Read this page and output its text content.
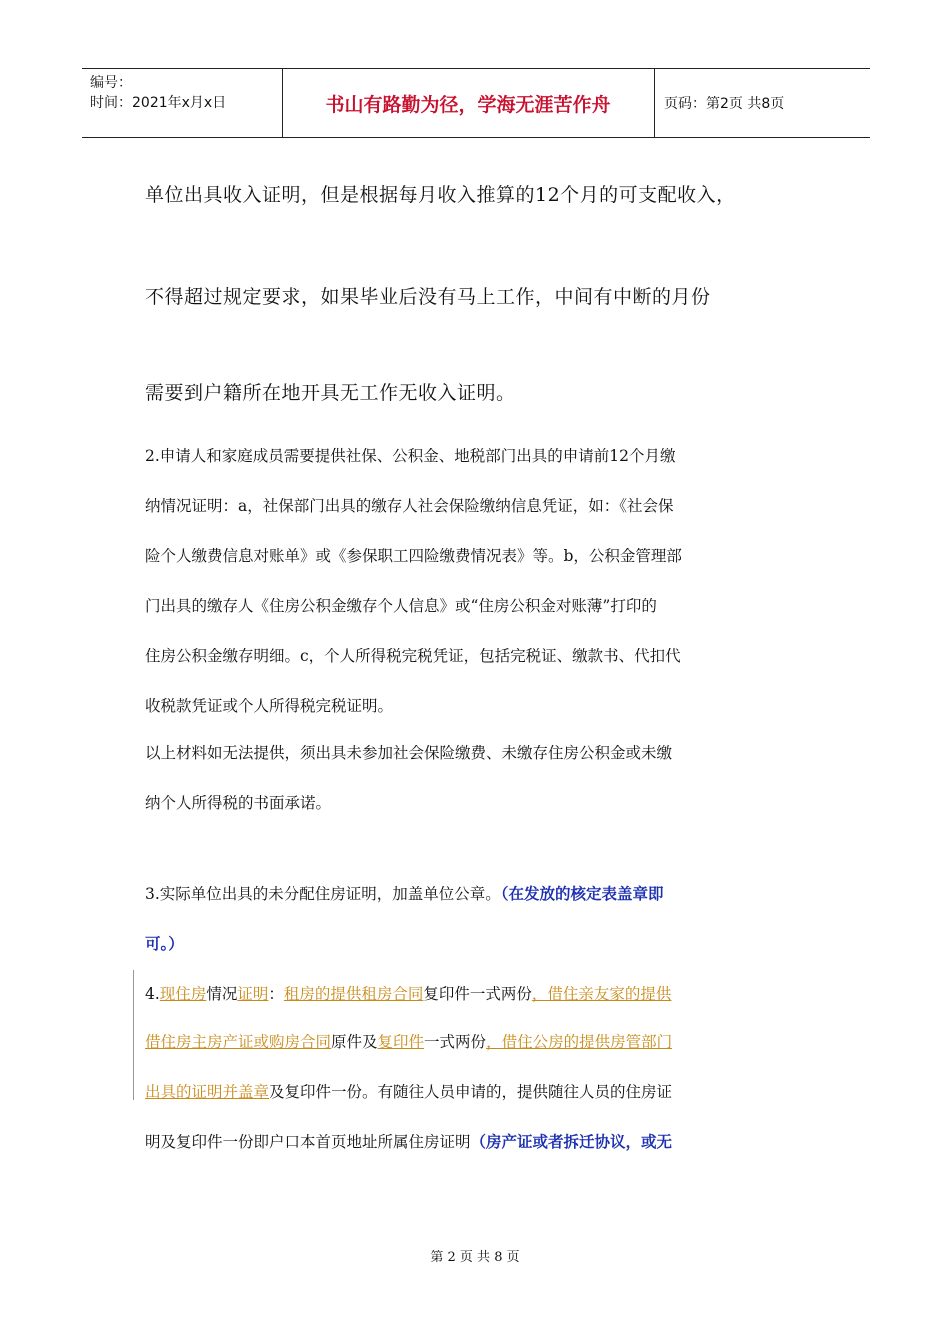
编号：
时间：2021年x月x日	书山有路勤为径，学海无涯苦作舟	页码：第2页 共8页
单位出具收入证明，但是根据每月收入推算的12个月的可支配收入，
不得超过规定要求，如果毕业后没有马上工作，中间有中断的月份
需要到户籍所在地开具无工作无收入证明。
2.申请人和家庭成员需要提供社保、公积金、地税部门出具的申请前12个月缴
纳情况证明：a，社保部门出具的缴存人社会保险缴纳信息凭证，如：《社会保
险个人缴费信息对账单》或《参保职工四险缴费情况表》等。b，公积金管理部
门出具的缴存人《住房公积金缴存个人信息》或“住房公积金对账薄”打印的
住房公积金缴存明细。c，个人所得税完税凭证，包括完税证、缴款书、代扣代
收税款凭证或个人所得税完税证明。
以上材料如无法提供，须出具未参加社会保险缴费、未缴存住房公积金或未缴
纳个人所得税的书面承诺。
3.实际单位出具的未分配住房证明，加盖单位公章。（在发放的核定表盖章即
可。）
4.现住房情况证明：租房的提供租房合同复印件一式两份，借住亲友家的提供
借住房主房产证或购房合同原件及复印件一式两份，借住公房的提供房管部门
出具的证明并盖章及复印件一份。有随往人员申请的，提供随往人员的住房证
明及复印件一份即户口本首页地址所属住房证明（房产证或者拆迁协议，或无
第 2 页 共 8 页
